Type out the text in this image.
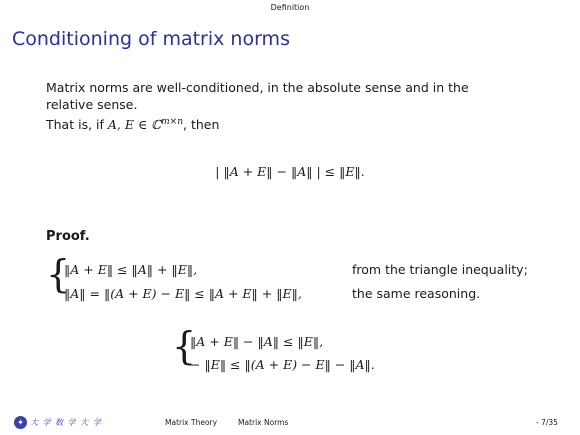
Definition
Conditioning of matrix norms
Matrix norms are well-conditioned, in the absolute sense and in the
relative sense.
That is, if A, E ∈ ℂ$^{m\times n}$, then
| ‖A + E‖ − ‖A‖ | ≤ ‖E‖.
Proof.
{
‖A + E‖ ≤ ‖A‖ + ‖E‖,	from the triangle inequality;
‖A‖ = ‖(A + E) − E‖ ≤ ‖A + E‖ + ‖E‖,	the same reasoning.
{
‖A + E‖ − ‖A‖ ≤ ‖E‖,
− ‖E‖ ≤ ‖(A + E) − E‖ − ‖A‖.
✦ 大 学 数 学 大 学	Matrix Theory	Matrix Norms	- 7/35
